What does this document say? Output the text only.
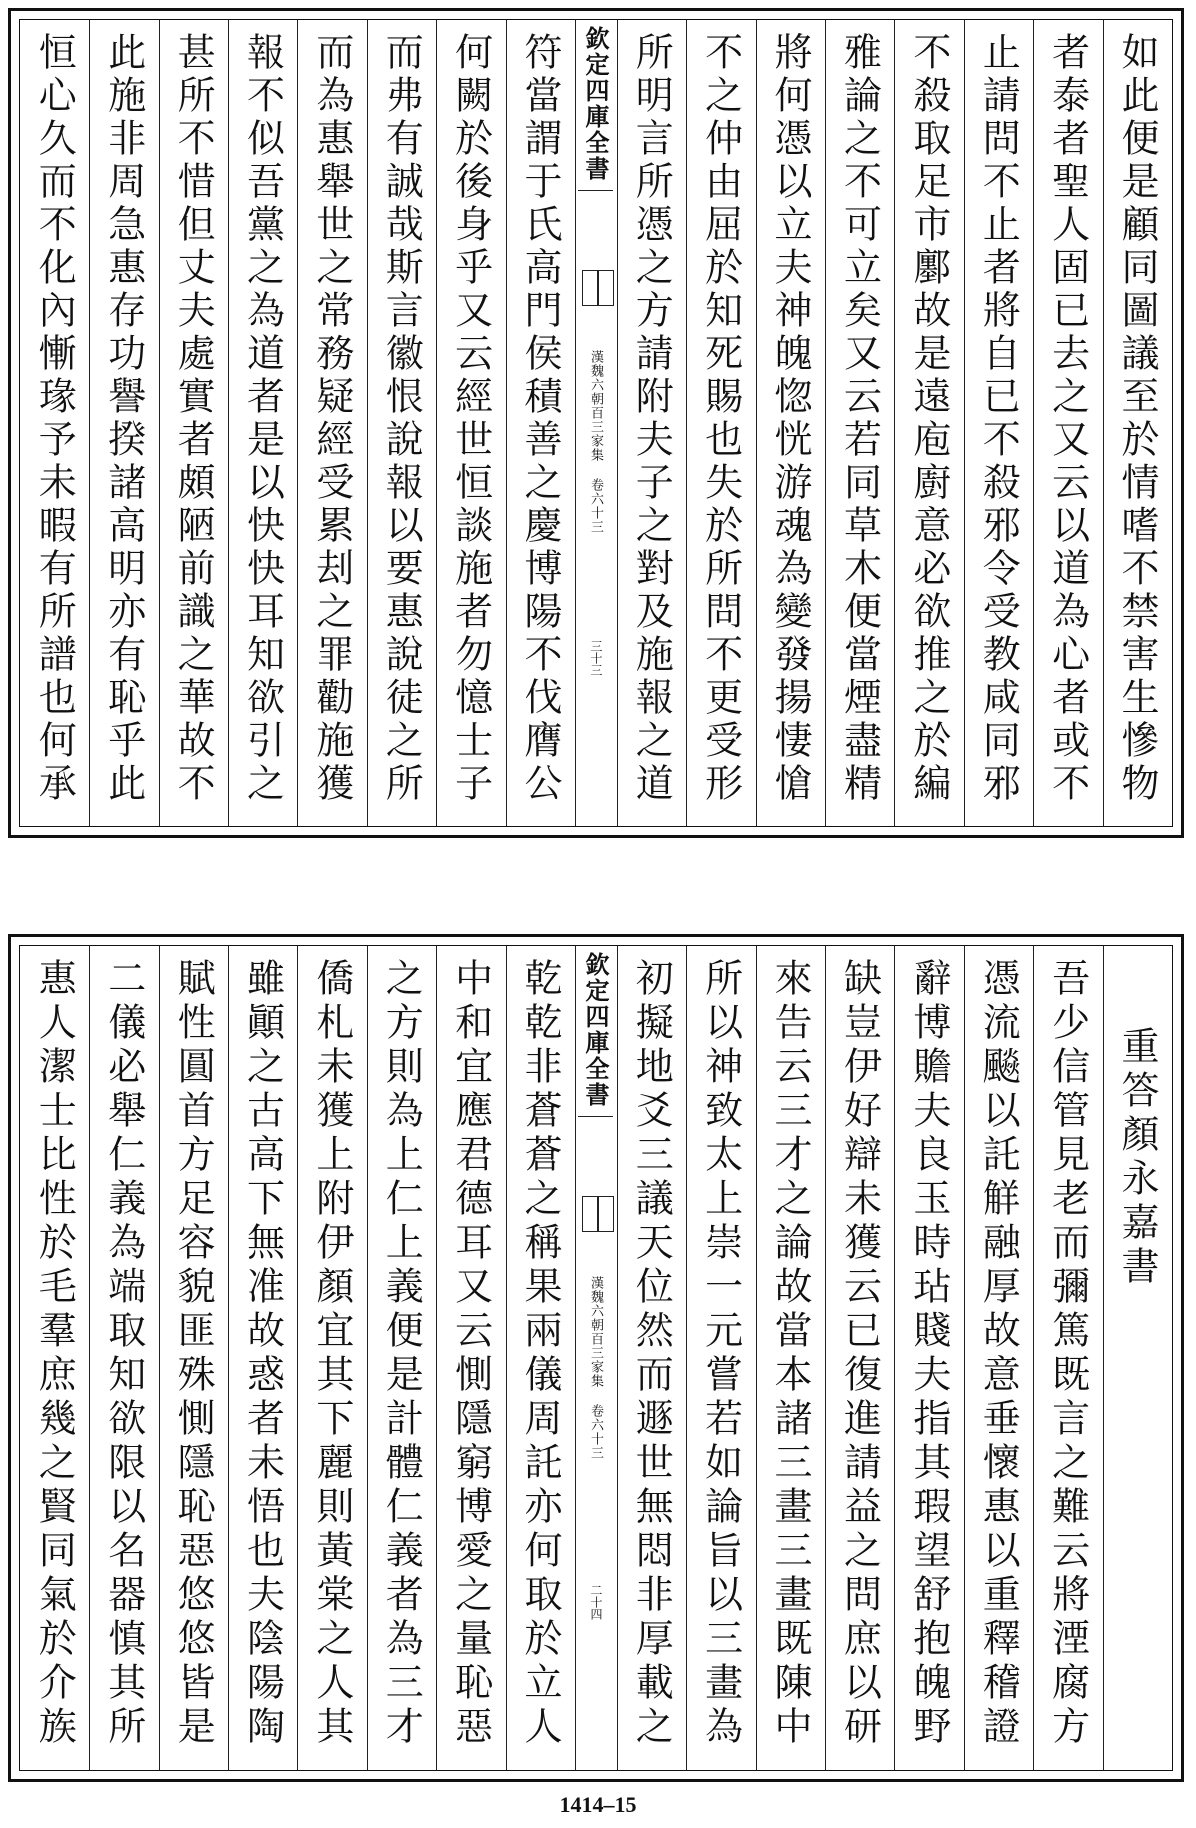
如此便是顧同圖議至於情嗜不禁害生慘物
者泰者聖人固已去之又云以道為心者或不
止請問不止者將自已不殺邪令受教咸同邪
不殺取足市鄽故是遠庖廚意必欲推之於編
雅論之不可立矣又云若同草木便當煙盡精
將何憑以立夫神魄惚恍游魂為變發揚悽愴
不之仲由屈於知死賜也失於所問不更受形
所明言所憑之方請附夫子之對及施報之道
欽定四庫全書
漢魏六朝百三家集 卷六十三
三十三
符當謂于氏高門侯積善之慶博陽不伐膺公
何闕於後身乎又云經世恒談施者勿憶士子
而弗有誠哉斯言徽恨說報以要惠說徒之所
而為惠舉世之常務疑經受累刦之罪勸施獲
報不似吾黨之為道者是以快快耳知欲引之
甚所不惜但丈夫處實者頗陋前識之華故不
此施非周急惠存功譽揆諸高明亦有恥乎此
恒心久而不化內慚瑑予未暇有所譜也何承
重答顏永嘉書
吾少信管見老而彌篤既言之難云將湮腐方
憑流飈以託觧融厚故意垂懷惠以重釋稽證
辭博贍夫良玉時玷賤夫指其瑕望舒抱魄野
缺豈伊好辯未獲云已復進請益之問庶以研
來告云三才之論故當本諸三畫三畫既陳中
所以神致太上崇一元嘗若如論旨以三畫為
初擬地爻三議天位然而遯世無悶非厚載之
欽定四庫全書
漢魏六朝百三家集 卷六十三
二十四
乾乾非蒼蒼之稱果兩儀周託亦何取於立人
中和宜應君德耳又云惻隱窮博愛之量恥惡
之方則為上仁上義便是計體仁義者為三才
僑札未獲上附伊顏宜其下麗則黃棠之人其
雖顚之古高下無准故惑者未悟也夫陰陽陶
賦性圓首方足容貌匪殊惻隱恥惡悠悠皆是
二儀必舉仁義為端取知欲限以名器慎其所
惠人潔士比性於毛羣庶幾之賢同氣於介族
1414–15
